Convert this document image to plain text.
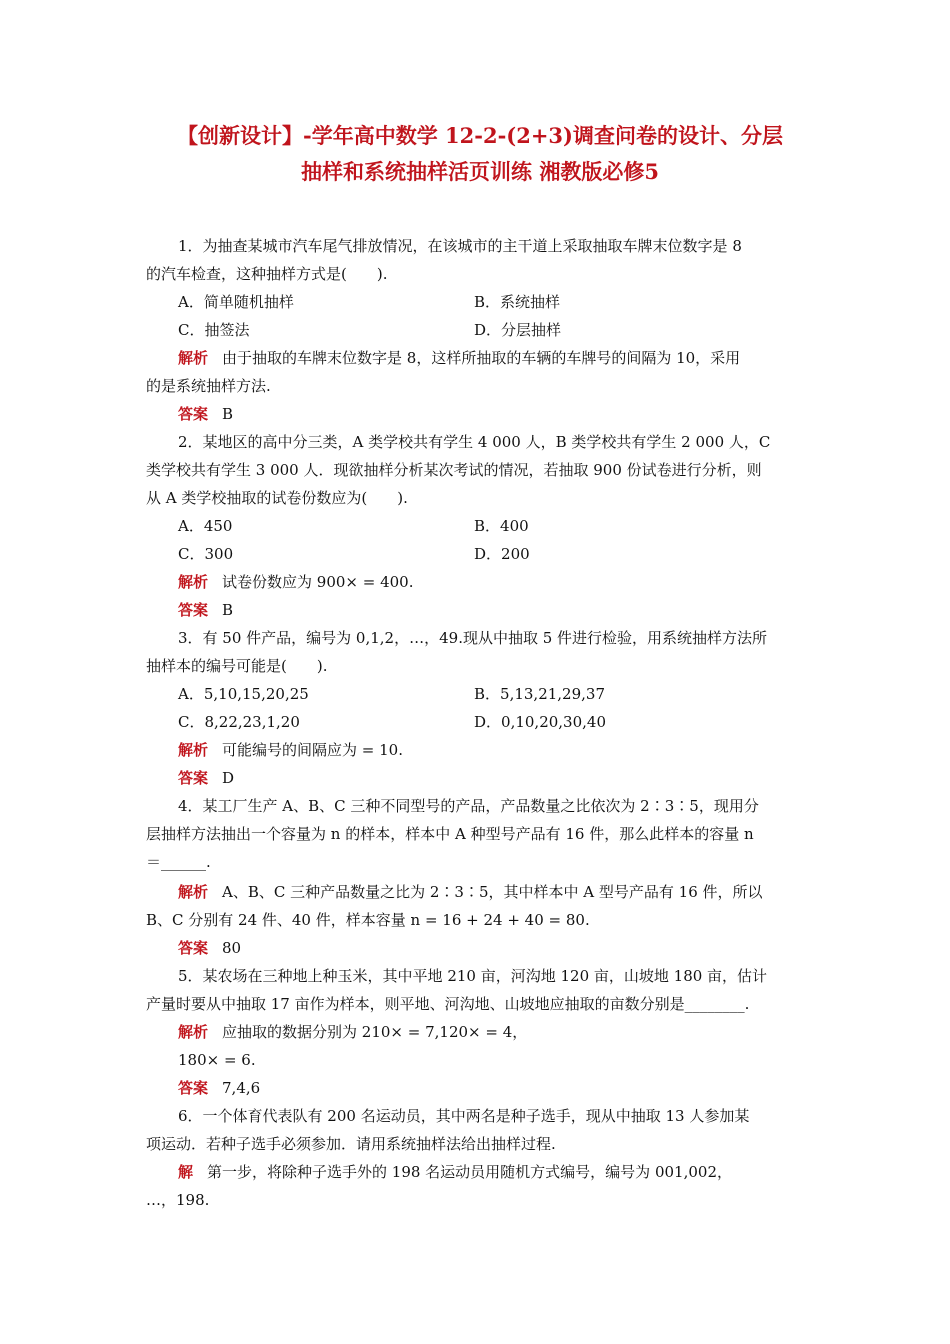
【创新设计】-学年高中数学 12-2-(2+3)调查问卷的设计、分层
抽样和系统抽样活页训练 湘教版必修5
1．为抽查某城市汽车尾气排放情况，在该城市的主干道上采取抽取车牌末位数字是 8
的汽车检查，这种抽样方式是(　　).
A．简单随机抽样	B．系统抽样
C．抽签法	D．分层抽样
解析 由于抽取的车牌末位数字是 8，这样所抽取的车辆的车牌号的间隔为 10，采用
的是系统抽样方法.
答案 B
2．某地区的高中分三类，A 类学校共有学生 4 000 人，B 类学校共有学生 2 000 人，C
类学校共有学生 3 000 人．现欲抽样分析某次考试的情况，若抽取 900 份试卷进行分析，则
从 A 类学校抽取的试卷份数应为(　　).
A．450	B．400
C．300	D．200
解析 试卷份数应为 900× = 400.
答案 B
3．有 50 件产品，编号为 0,1,2，…，49.现从中抽取 5 件进行检验，用系统抽样方法所
抽样本的编号可能是(　　).
A．5,10,15,20,25	B．5,13,21,29,37
C．8,22,23,1,20	D．0,10,20,30,40
解析 可能编号的间隔应为 = 10.
答案 D
4．某工厂生产 A、B、C 三种不同型号的产品，产品数量之比依次为 2∶3∶5，现用分
层抽样方法抽出一个容量为 n 的样本，样本中 A 种型号产品有 16 件，那么此样本的容量 n
＝______.
解析 A、B、C 三种产品数量之比为 2∶3∶5，其中样本中 A 型号产品有 16 件，所以
B、C 分别有 24 件、40 件，样本容量 n = 16 + 24 + 40 = 80.
答案 80
5．某农场在三种地上种玉米，其中平地 210 亩，河沟地 120 亩，山坡地 180 亩，估计
产量时要从中抽取 17 亩作为样本，则平地、河沟地、山坡地应抽取的亩数分别是________.
解析 应抽取的数据分别为 210× = 7,120× = 4，
180× = 6.
答案 7,4,6
6．一个体育代表队有 200 名运动员，其中两名是种子选手，现从中抽取 13 人参加某
项运动．若种子选手必须参加．请用系统抽样法给出抽样过程.
解 第一步，将除种子选手外的 198 名运动员用随机方式编号，编号为 001,002，
…，198.
